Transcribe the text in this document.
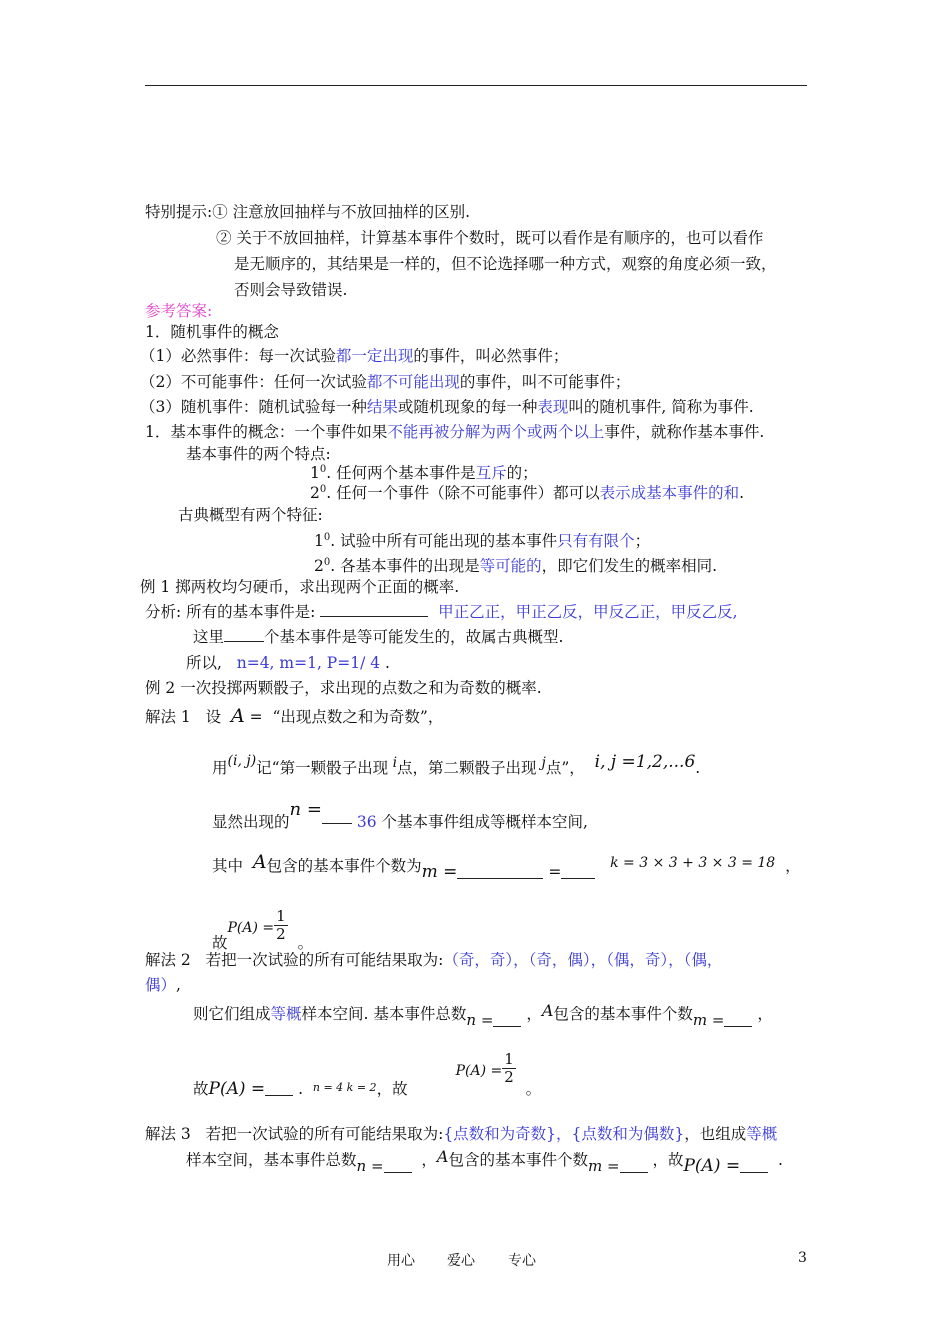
特别提示:① 注意放回抽样与不放回抽样的区别.
② 关于不放回抽样，计算基本事件个数时，既可以看作是有顺序的，也可以看作
是无顺序的，其结果是一样的，但不论选择哪一种方式，观察的角度必须一致，
否则会导致错误.
参考答案:
1．随机事件的概念
（1）必然事件：每一次试验都一定出现的事件，叫必然事件；
（2）不可能事件：任何一次试验都不可能出现的事件，叫不可能事件；
（3）随机事件：随机试验每一种结果或随机现象的每一种表现叫的随机事件, 简称为事件.
1．基本事件的概念：一个事件如果不能再被分解为两个或两个以上事件，就称作基本事件.
基本事件的两个特点:
$1^0$. 任何两个基本事件是互斥的；
$2^0$. 任何一个事件（除不可能事件）都可以表示成基本事件的和.
古典概型有两个特征:
$1^0$. 试验中所有可能出现的基本事件只有有限个；
$2^0$. 各基本事件的出现是等可能的，即它们发生的概率相同.
例 1 掷两枚均匀硬币，求出现两个正面的概率.
分析: 所有的基本事件是:	甲正乙正，甲正乙反，甲反乙正，甲反乙反,
这里	个基本事件是等可能发生的，故属古典概型.
所以, n=4, m=1, P=1/ 4 .
例 2 一次投掷两颗骰子，求出现的点数之和为奇数的概率.
解法 1 设 A = “出现点数之和为奇数”，
用(i, j)记“第一颗骰子出现 i点，第二颗骰子出现 j点”， i, j =1,2,...6.
显然出现的n = 36 个基本事件组成等概样本空间,
其中 A包含的基本事件个数为m =	=	k = 3 × 3 + 3 × 3 = 18 ，
故$P(A) = \frac{1}{2}$ 。
解法 2 若把一次试验的所有可能结果取为:（奇，奇），（奇，偶），（偶，奇），（偶，
偶）,
则它们组成等概样本空间. 基本事件总数n = ，A包含的基本事件个数m = ，
故P(A) = . $_{n = 4 k = 2}$，故$P(A) = \frac{1}{2}$
。
解法 3 若把一次试验的所有可能结果取为:{点数和为奇数}，{点数和为偶数}，也组成等概
样本空间，基本事件总数n = ，A包含的基本事件个数m = ，故P(A) = .
用心 爱心 专心	3
